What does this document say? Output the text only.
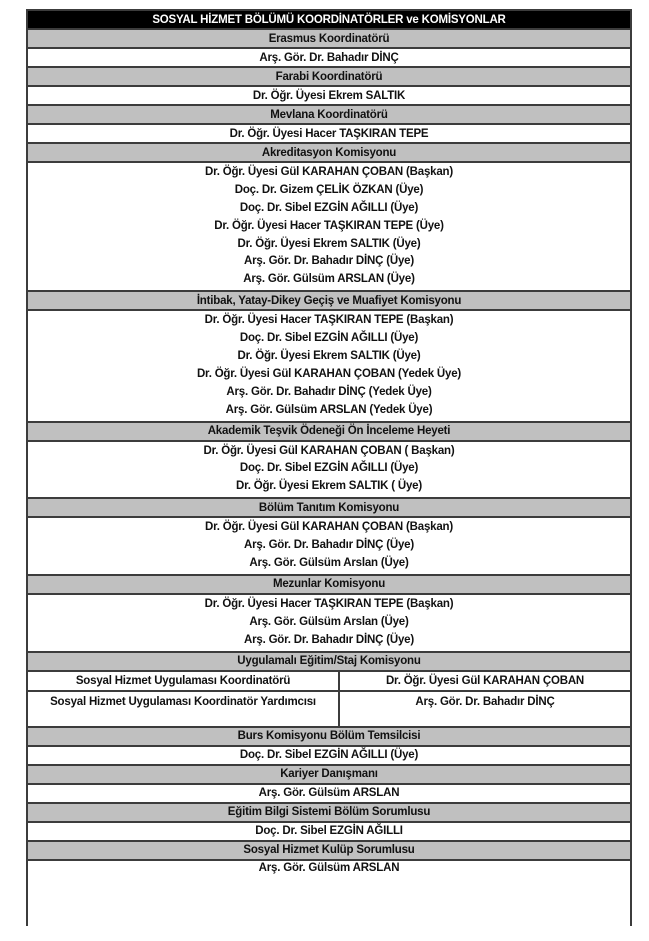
SOSYAL HİZMET BÖLÜMÜ KOORDİNATÖRLER ve KOMİSYONLAR
Erasmus Koordinatörü
Arş. Gör. Dr. Bahadır DİNÇ
Farabi Koordinatörü
Dr. Öğr. Üyesi Ekrem SALTIK
Mevlana Koordinatörü
Dr. Öğr. Üyesi Hacer TAŞKIRAN TEPE
Akreditasyon Komisyonu
Dr. Öğr. Üyesi Gül KARAHAN ÇOBAN (Başkan)
Doç. Dr. Gizem ÇELİK ÖZKAN (Üye)
Doç. Dr. Sibel EZGİN AĞILLI (Üye)
Dr. Öğr. Üyesi Hacer TAŞKIRAN TEPE (Üye)
Dr. Öğr. Üyesi Ekrem SALTIK (Üye)
Arş. Gör. Dr. Bahadır DİNÇ (Üye)
Arş. Gör. Gülsüm ARSLAN (Üye)
İntibak, Yatay-Dikey Geçiş ve Muafiyet Komisyonu
Dr. Öğr. Üyesi Hacer TAŞKIRAN TEPE (Başkan)
Doç. Dr. Sibel EZGİN AĞILLI (Üye)
Dr. Öğr. Üyesi Ekrem SALTIK (Üye)
Dr. Öğr. Üyesi Gül KARAHAN ÇOBAN (Yedek Üye)
Arş. Gör. Dr. Bahadır DİNÇ (Yedek Üye)
Arş. Gör. Gülsüm ARSLAN (Yedek Üye)
Akademik Teşvik Ödeneği Ön İnceleme Heyeti
Dr. Öğr. Üyesi Gül KARAHAN ÇOBAN ( Başkan)
Doç. Dr. Sibel EZGİN AĞILLI (Üye)
Dr. Öğr. Üyesi Ekrem SALTIK ( Üye)
Bölüm Tanıtım Komisyonu
Dr. Öğr. Üyesi Gül KARAHAN ÇOBAN (Başkan)
Arş. Gör. Dr. Bahadır DİNÇ (Üye)
Arş. Gör. Gülsüm Arslan (Üye)
Mezunlar Komisyonu
Dr. Öğr. Üyesi Hacer TAŞKIRAN TEPE (Başkan)
Arş. Gör. Gülsüm Arslan (Üye)
Arş. Gör. Dr. Bahadır DİNÇ (Üye)
Uygulamalı Eğitim/Staj Komisyonu
Sosyal Hizmet Uygulaması Koordinatörü	Dr. Öğr. Üyesi Gül KARAHAN ÇOBAN
Sosyal Hizmet Uygulaması Koordinatör Yardımcısı	Arş. Gör. Dr. Bahadır DİNÇ
Burs Komisyonu Bölüm Temsilcisi
Doç. Dr. Sibel EZGİN AĞILLI (Üye)
Kariyer Danışmanı
Arş. Gör. Gülsüm ARSLAN
Eğitim Bilgi Sistemi Bölüm Sorumlusu
Doç. Dr. Sibel EZGİN AĞILLI
Sosyal Hizmet Kulüp Sorumlusu
Arş. Gör. Gülsüm ARSLAN
